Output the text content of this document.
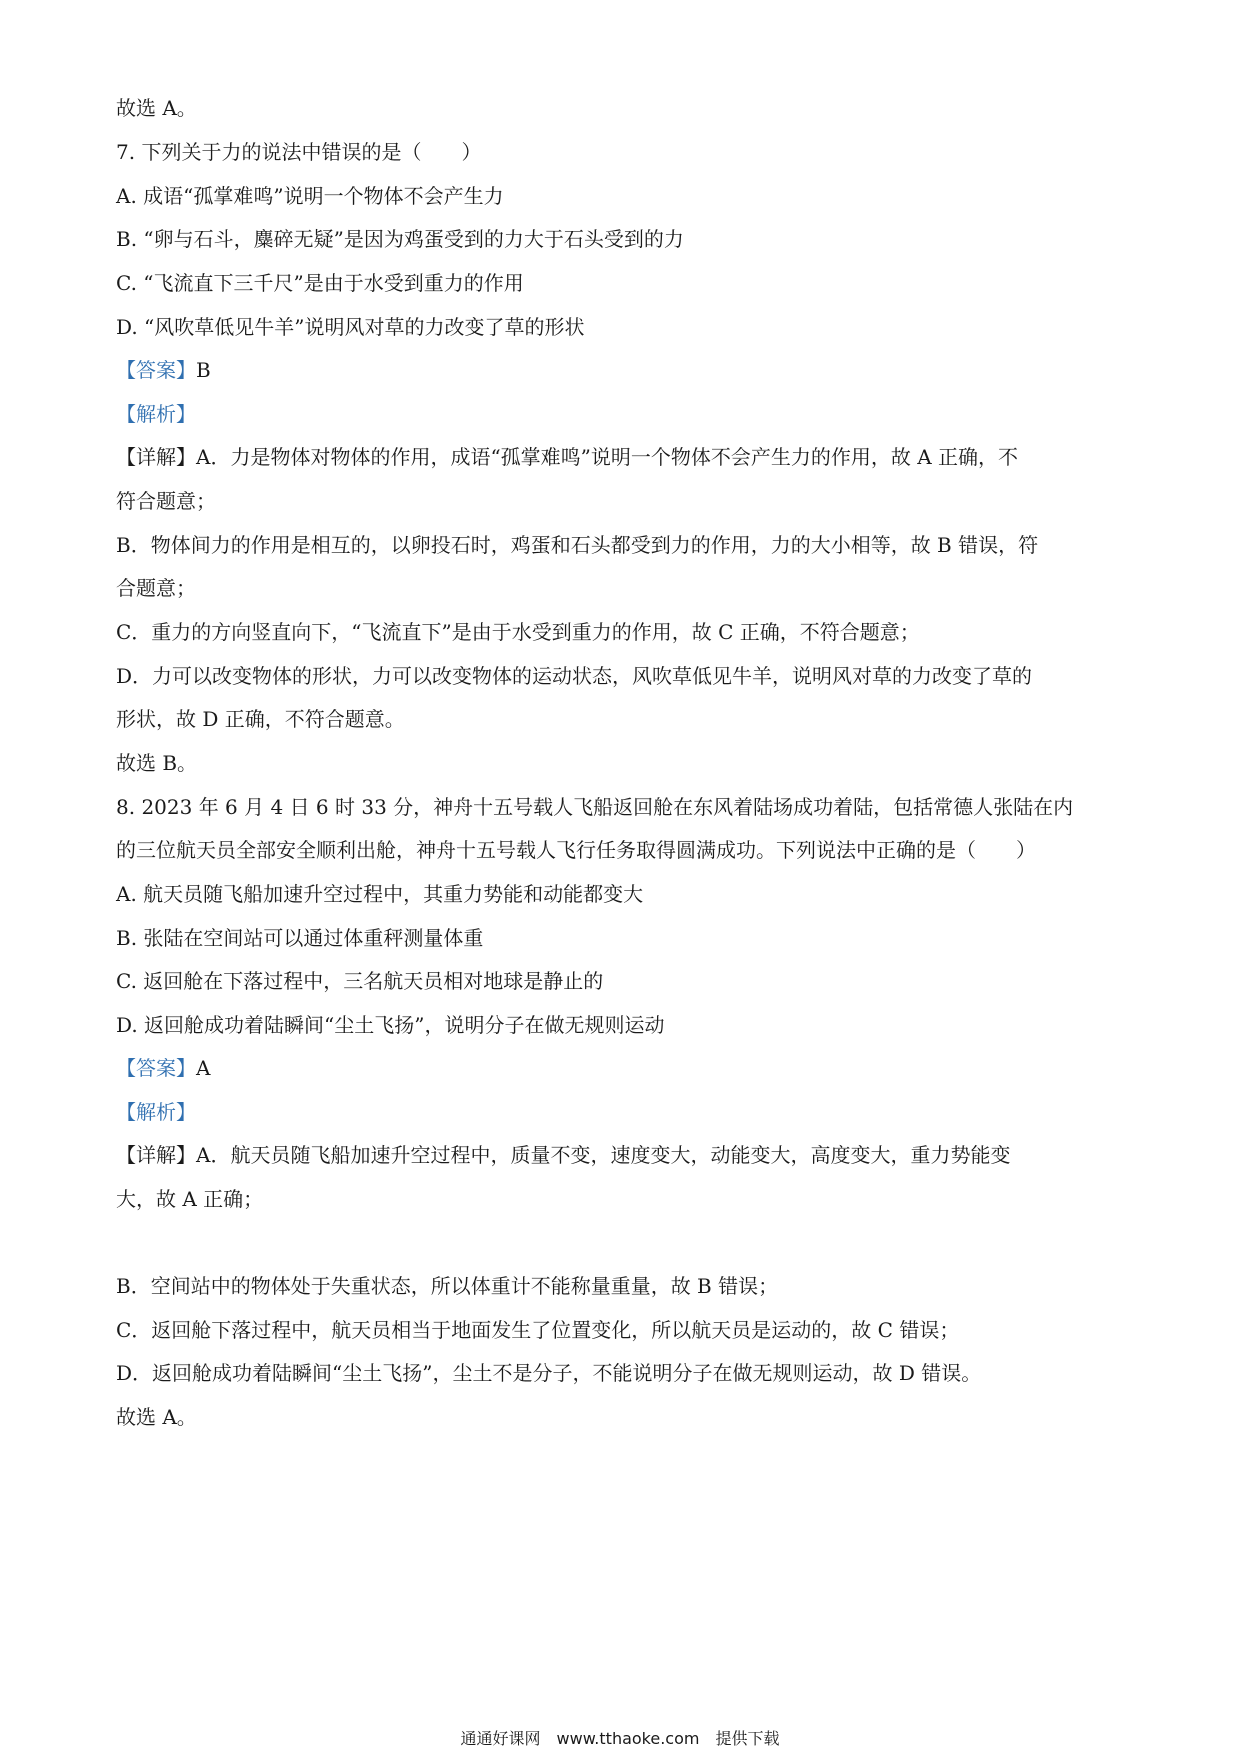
故选 A。
7. 下列关于力的说法中错误的是（　　）
A. 成语“孤掌难鸣”说明一个物体不会产生力
B. “卵与石斗，麋碎无疑”是因为鸡蛋受到的力大于石头受到的力
C. “飞流直下三千尺”是由于水受到重力的作用
D. “风吹草低见牛羊”说明风对草的力改变了草的形状
【答案】B
【解析】
【详解】A．力是物体对物体的作用，成语“孤掌难鸣”说明一个物体不会产生力的作用，故 A 正确，不
符合题意；
B．物体间力的作用是相互的，以卵投石时，鸡蛋和石头都受到力的作用，力的大小相等，故 B 错误，符
合题意；
C．重力的方向竖直向下，“飞流直下”是由于水受到重力的作用，故 C 正确，不符合题意；
D．力可以改变物体的形状，力可以改变物体的运动状态，风吹草低见牛羊，说明风对草的力改变了草的
形状，故 D 正确，不符合题意。
故选 B。
8. 2023 年 6 月 4 日 6 时 33 分，神舟十五号载人飞船返回舱在东风着陆场成功着陆，包括常德人张陆在内
的三位航天员全部安全顺利出舱，神舟十五号载人飞行任务取得圆满成功。下列说法中正确的是（　　）
A. 航天员随飞船加速升空过程中，其重力势能和动能都变大
B. 张陆在空间站可以通过体重秤测量体重
C. 返回舱在下落过程中，三名航天员相对地球是静止的
D. 返回舱成功着陆瞬间“尘土飞扬”，说明分子在做无规则运动
【答案】A
【解析】
【详解】A．航天员随飞船加速升空过程中，质量不变，速度变大，动能变大，高度变大，重力势能变
大，故 A 正确；
B．空间站中的物体处于失重状态，所以体重计不能称量重量，故 B 错误；
C．返回舱下落过程中，航天员相当于地面发生了位置变化，所以航天员是运动的，故 C 错误；
D．返回舱成功着陆瞬间“尘土飞扬”，尘土不是分子，不能说明分子在做无规则运动，故 D 错误。
故选 A。
通通好课网　www.tthaoke.com　提供下载
